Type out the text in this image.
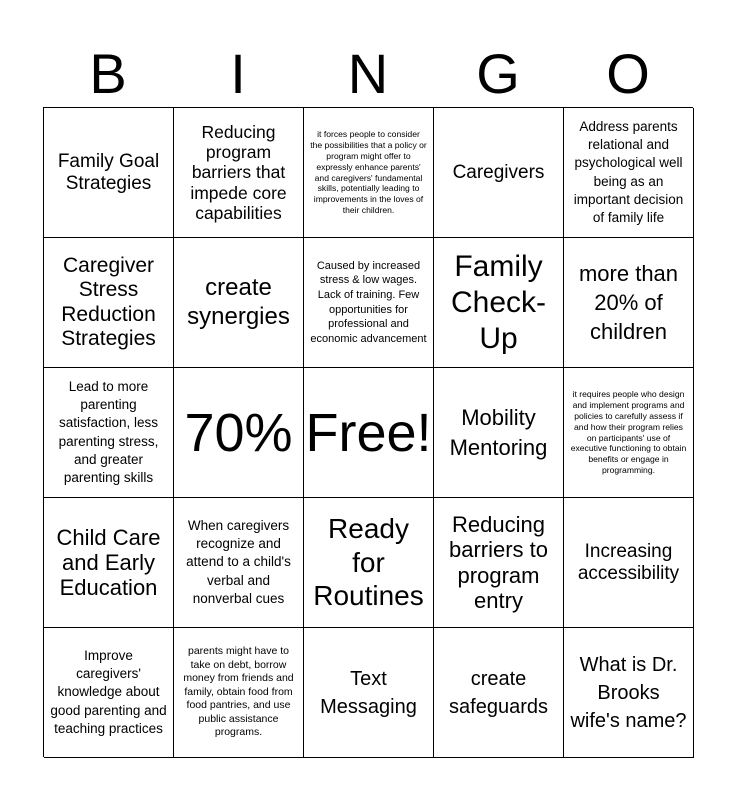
B	I	N	G	O
Family Goal Strategies
Reducing program barriers that impede core capabilities
it forces people to consider the possibilities that a policy or program might offer to expressly enhance parents' and caregivers' fundamental skills, potentially leading to improvements in the loves of their children.
Caregivers
Address parents relational and psychological well being as an important decision of family life
Caregiver Stress Reduction Strategies
create synergies
Caused by increased stress & low wages. Lack of training. Few opportunities for professional and economic advancement
Family Check-Up
more than 20% of children
Lead to more parenting satisfaction, less parenting stress, and greater parenting skills
70% Free!	Mobility Mentoring
it requires people who design and implement programs and policies to carefully assess if and how their program relies on participants' use of executive functioning to obtain benefits or engage in programming.
Child Care and Early Education
When caregivers recognize and attend to a child's verbal and nonverbal cues
Ready for Routines
Reducing barriers to program entry
Increasing accessibility
Improve caregivers' knowledge about good parenting and teaching practices
parents might have to take on debt, borrow money from friends and family, obtain food from food pantries, and use public assistance programs.
Text Messaging
create safeguards
What is Dr. Brooks wife's name?
